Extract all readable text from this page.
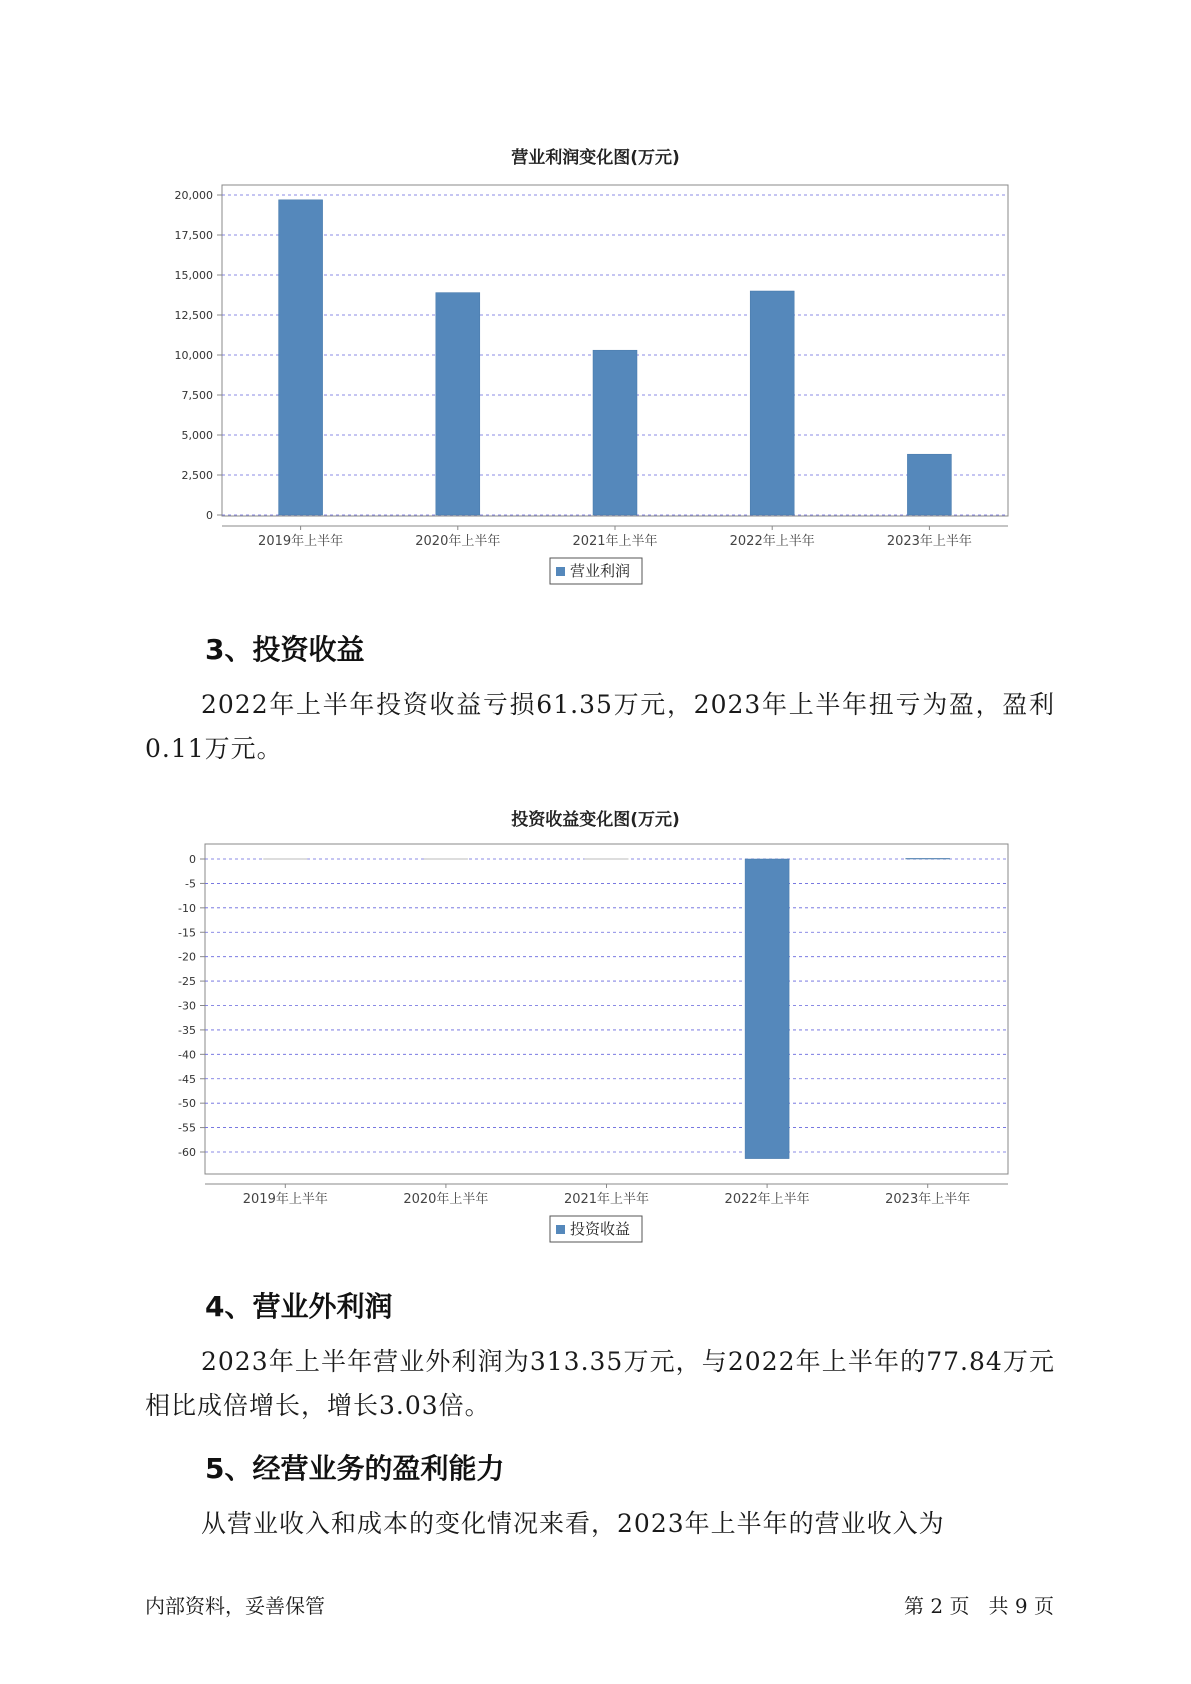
营业利润变化图(万元)
0
2,500
5,000
7,500
10,000
12,500
15,000
17,500
20,000
2019年上半年	2020年上半年	2021年上半年	2022年上半年	2023年上半年
营业利润
3、投资收益

2022年上半年投资收益亏损61.35万元，2023年上半年扭亏为盈，盈利0.11万元。

投资收益变化图(万元)
0
-5
-10
-15
-20
-25
-30
-35
-40
-45
-50
-55
-60
2019年上半年	2020年上半年	2021年上半年	2022年上半年	2023年上半年
投资收益
4、营业外利润

2023年上半年营业外利润为313.35万元，与2022年上半年的77.84万元相比成倍增长，增长3.03倍。

5、经营业务的盈利能力

从营业收入和成本的变化情况来看，2023年上半年的营业收入为

内部资料，妥善保管	第 2 页   共 9 页
